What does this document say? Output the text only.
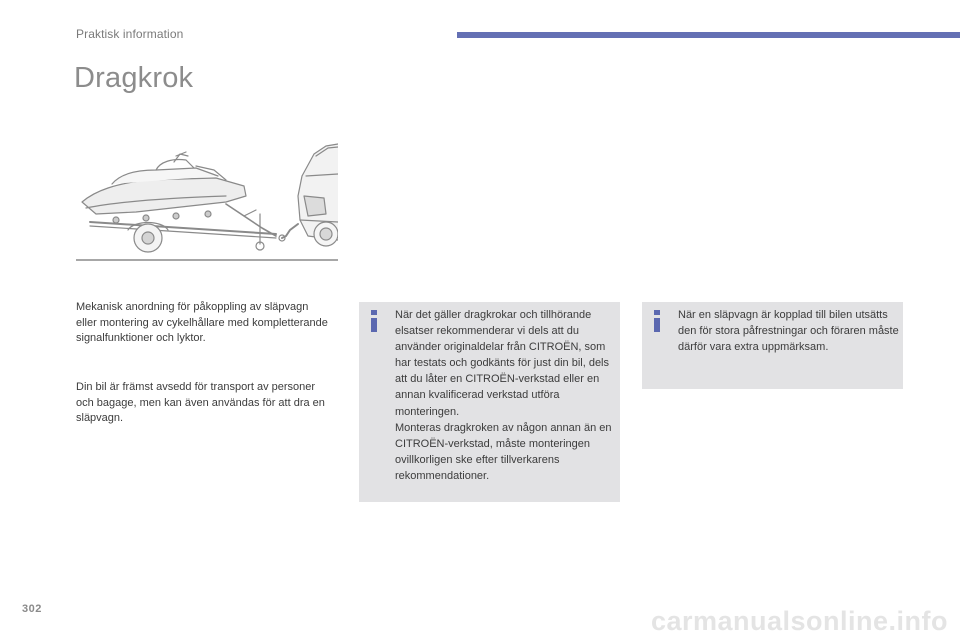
Praktisk information
Dragkrok

Mekanisk anordning för påkoppling av släpvagn eller montering av cykelhållare med kompletterande signalfunktioner och lyktor.

Din bil är främst avsedd för transport av personer och bagage, men kan även användas för att dra en släpvagn.

När det gäller dragkrokar och tillhörande elsatser rekommenderar vi dels att du använder originaldelar från CITROËN, som har testats och godkänts för just din bil, dels att du låter en CITROËN-verkstad eller en annan kvalificerad verkstad utföra monteringen.

Monteras dragkroken av någon annan än en CITROËN-verkstad, måste monteringen ovillkorligen ske efter tillverkarens rekommendationer.

När en släpvagn är kopplad till bilen utsätts den för stora påfrestningar och föraren måste därför vara extra uppmärksam.

302	carmanualsonline.info
